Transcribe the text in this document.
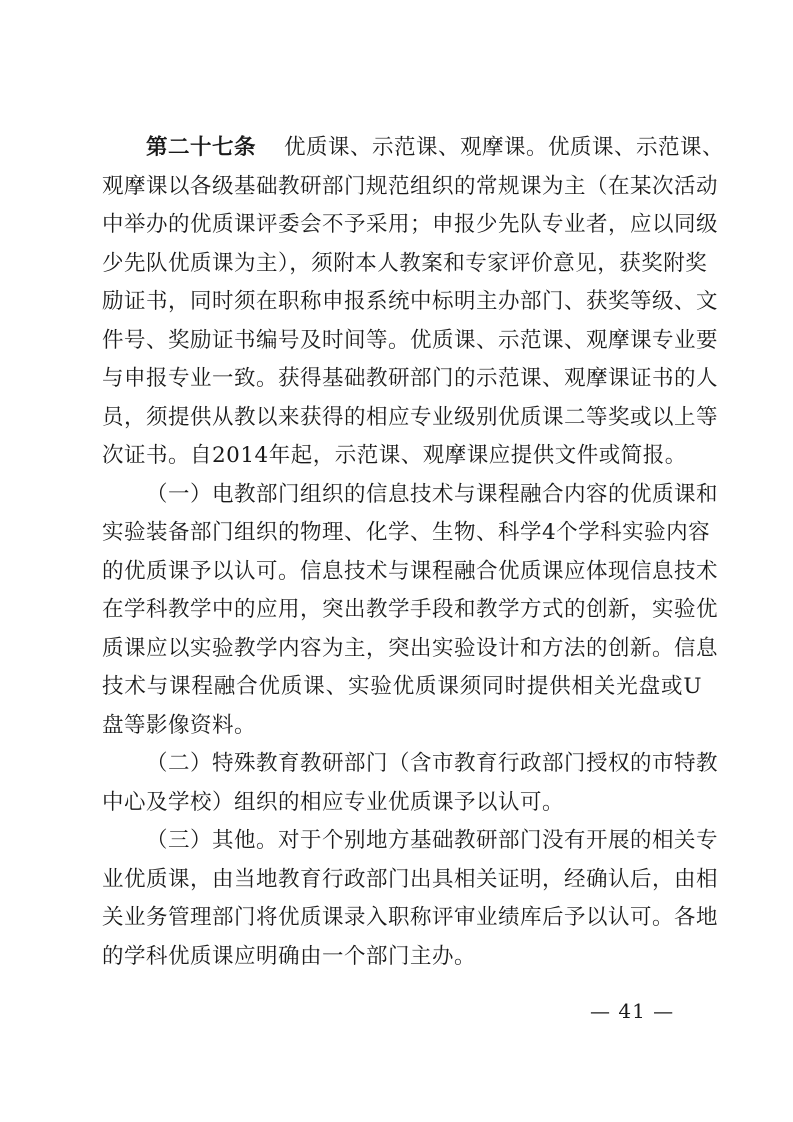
第二十七条 优质课、示范课、观摩课。优质课、示范课、
观摩课以各级基础教研部门规范组织的常规课为主（在某次活动
中举办的优质课评委会不予采用；申报少先队专业者，应以同级
少先队优质课为主），须附本人教案和专家评价意见，获奖附奖
励证书，同时须在职称申报系统中标明主办部门、获奖等级、文
件号、奖励证书编号及时间等。优质课、示范课、观摩课专业要
与申报专业一致。获得基础教研部门的示范课、观摩课证书的人
员，须提供从教以来获得的相应专业级别优质课二等奖或以上等
次证书。自2014年起，示范课、观摩课应提供文件或简报。
（一）电教部门组织的信息技术与课程融合内容的优质课和
实验装备部门组织的物理、化学、生物、科学4个学科实验内容
的优质课予以认可。信息技术与课程融合优质课应体现信息技术
在学科教学中的应用，突出教学手段和教学方式的创新，实验优
质课应以实验教学内容为主，突出实验设计和方法的创新。信息
技术与课程融合优质课、实验优质课须同时提供相关光盘或U
盘等影像资料。
（二）特殊教育教研部门（含市教育行政部门授权的市特教
中心及学校）组织的相应专业优质课予以认可。
（三）其他。对于个别地方基础教研部门没有开展的相关专
业优质课，由当地教育行政部门出具相关证明，经确认后，由相
关业务管理部门将优质课录入职称评审业绩库后予以认可。各地
的学科优质课应明确由一个部门主办。
— 41 —
